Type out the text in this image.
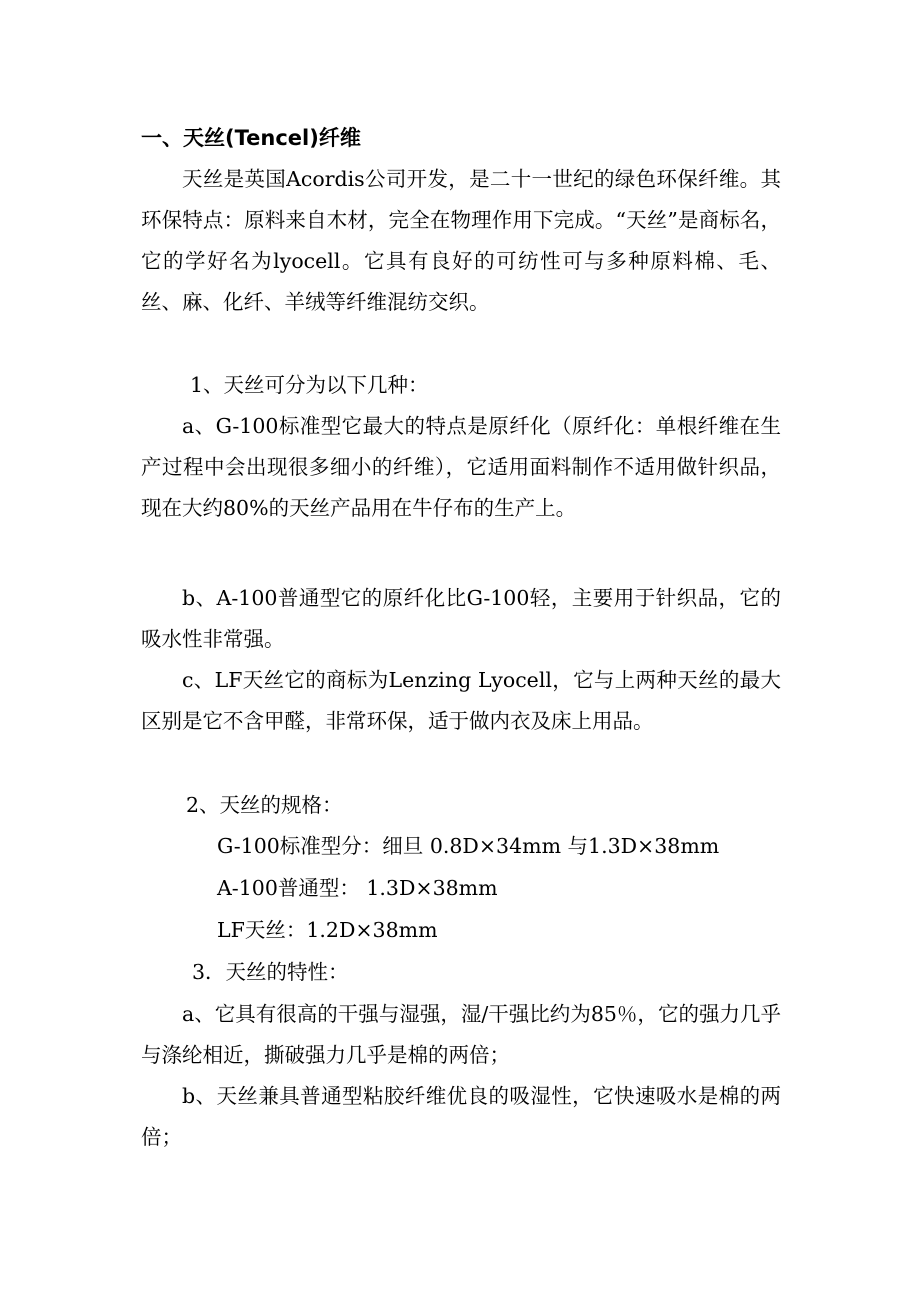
一、天丝(Tencel)纤维

天丝是英国Acordis公司开发，是二十一世纪的绿色环保纤维。其环保特点：原料来自木材，完全在物理作用下完成。“天丝”是商标名，它的学好名为lyocell。它具有良好的可纺性可与多种原料棉、毛、丝、麻、化纤、羊绒等纤维混纺交织。

1、天丝可分为以下几种：

a、G-100标准型它最大的特点是原纤化（原纤化：单根纤维在生产过程中会出现很多细小的纤维），它适用面料制作不适用做针织品，现在大约80%的天丝产品用在牛仔布的生产上。

b、A-100普通型它的原纤化比G-100轻，主要用于针织品，它的吸水性非常强。

c、LF天丝它的商标为Lenzing Lyocell，它与上两种天丝的最大区别是它不含甲醛，非常环保，适于做内衣及床上用品。

2、天丝的规格：

G-100标准型分：细旦 0.8D×34mm 与1.3D×38mm

A-100普通型： 1.3D×38mm

LF天丝：1.2D×38mm

3．天丝的特性：

a、它具有很高的干强与湿强，湿/干强比约为85％，它的强力几乎与涤纶相近，撕破强力几乎是棉的两倍；

b、天丝兼具普通型粘胶纤维优良的吸湿性，它快速吸水是棉的两倍；
